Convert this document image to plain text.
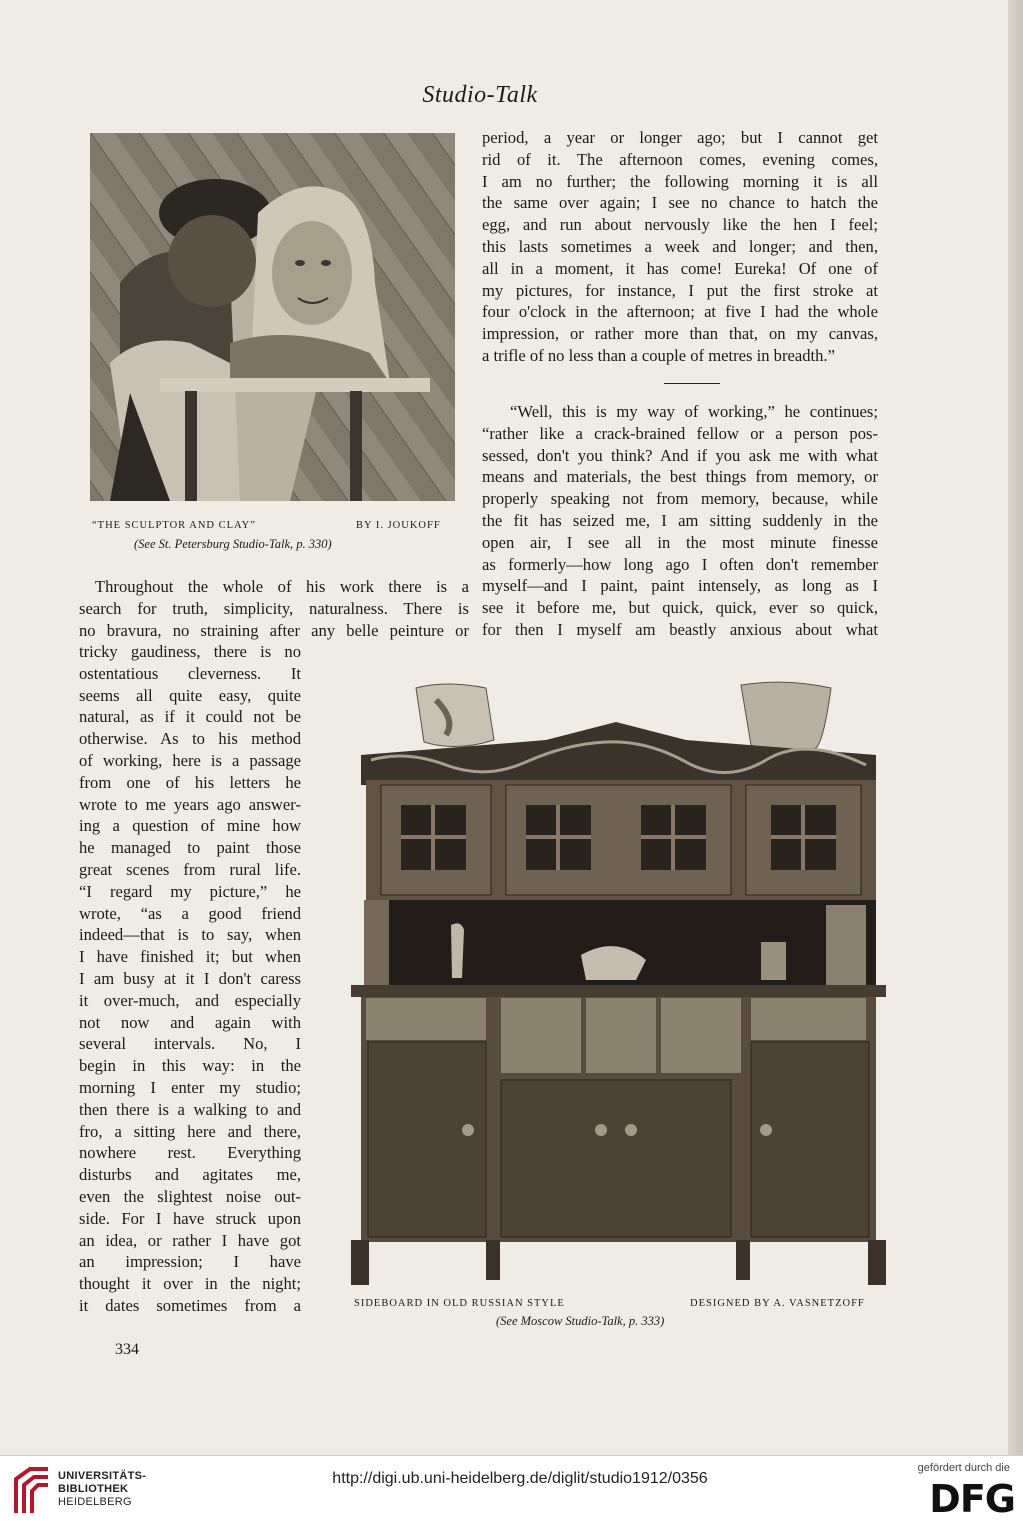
Studio-Talk
“THE SCULPTOR AND CLAY”	BY I. JOUKOFF
(See St. Petersburg Studio-Talk, p. 330)
period, a year or longer ago; but I cannot get
rid of it. The afternoon comes, evening comes,
I am no further; the following morning it is all
the same over again; I see no chance to hatch the
egg, and run about nervously like the hen I feel;
this lasts sometimes a week and longer; and then,
all in a moment, it has come! Eureka! Of one of
my pictures, for instance, I put the first stroke at
four o'clock in the afternoon; at five I had the whole
impression, or rather more than that, on my canvas,
a trifle of no less than a couple of metres in breadth.”
“Well, this is my way of working,” he continues;
“rather like a crack-brained fellow or a person pos-
sessed, don't you think? And if you ask me with what
means and materials, the best things from memory, or
properly speaking not from memory, because, while
the fit has seized me, I am sitting suddenly in the
open air, I see all in the most minute finesse
as formerly—how long ago I often don't remember
myself—and I paint, paint intensely, as long as I
see it before me, but quick, quick, ever so quick,
for then I myself am beastly anxious about what
Throughout the whole of his work there is a
search for truth, simplicity, naturalness. There is
no bravura, no straining after any belle peinture or
tricky gaudiness, there is no
ostentatious cleverness. It
seems all quite easy, quite
natural, as if it could not be
otherwise. As to his method
of working, here is a passage
from one of his letters he
wrote to me years ago answer-
ing a question of mine how
he managed to paint those
great scenes from rural life.
“I regard my picture,” he
wrote, “as a good friend
indeed—that is to say, when
I have finished it; but when
I am busy at it I don't caress
it over-much, and especially
not now and again with
several intervals. No, I
begin in this way: in the
morning I enter my studio;
then there is a walking to and
fro, a sitting here and there,
nowhere rest. Everything
disturbs and agitates me,
even the slightest noise out-
side. For I have struck upon
an idea, or rather I have got
an impression; I have
thought it over in the night;
it dates sometimes from a	SIDEBOARD IN OLD RUSSIAN STYLE	DESIGNED BY A. VASNETZOFF
(See Moscow Studio-Talk, p. 333)
334
UNIVERSITÄTS-
BIBLIOTHEK
HEIDELBERG
http://digi.ub.uni-heidelberg.de/diglit/studio1912/0356
gefördert durch die
DFG
